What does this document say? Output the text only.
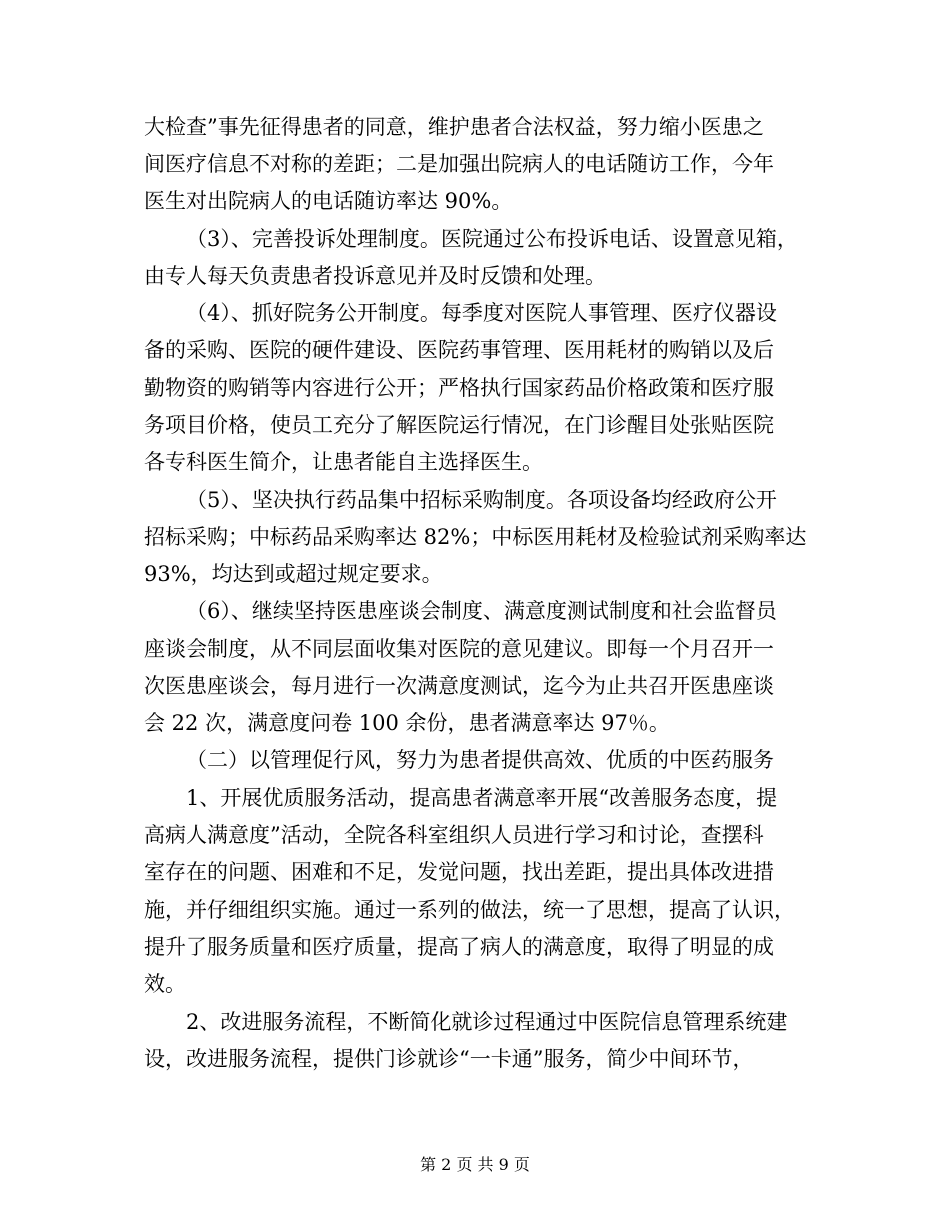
大检查”事先征得患者的同意，维护患者合法权益，努力缩小医患之
间医疗信息不对称的差距；二是加强出院病人的电话随访工作，今年
医生对出院病人的电话随访率达 90%。
（3）、完善投诉处理制度。医院通过公布投诉电话、设置意见箱，
由专人每天负责患者投诉意见并及时反馈和处理。
（4）、抓好院务公开制度。每季度对医院人事管理、医疗仪器设
备的采购、医院的硬件建设、医院药事管理、医用耗材的购销以及后
勤物资的购销等内容进行公开；严格执行国家药品价格政策和医疗服
务项目价格，使员工充分了解医院运行情况，在门诊醒目处张贴医院
各专科医生简介，让患者能自主选择医生。
（5）、坚决执行药品集中招标采购制度。各项设备均经政府公开
招标采购；中标药品采购率达 82%；中标医用耗材及检验试剂采购率达
93%，均达到或超过规定要求。
（6）、继续坚持医患座谈会制度、满意度测试制度和社会监督员
座谈会制度，从不同层面收集对医院的意见建议。即每一个月召开一
次医患座谈会，每月进行一次满意度测试，迄今为止共召开医患座谈
会 22 次，满意度问卷 100 余份，患者满意率达 97％。
（二）以管理促行风，努力为患者提供高效、优质的中医药服务
1、开展优质服务活动，提高患者满意率开展“改善服务态度，提
高病人满意度”活动，全院各科室组织人员进行学习和讨论，查摆科
室存在的问题、困难和不足，发觉问题，找出差距，提出具体改进措
施，并仔细组织实施。通过一系列的做法，统一了思想，提高了认识，
提升了服务质量和医疗质量，提高了病人的满意度，取得了明显的成
效。
2、改进服务流程，不断简化就诊过程通过中医院信息管理系统建
设，改进服务流程，提供门诊就诊“一卡通”服务，简少中间环节，
第 2 页 共 9 页
